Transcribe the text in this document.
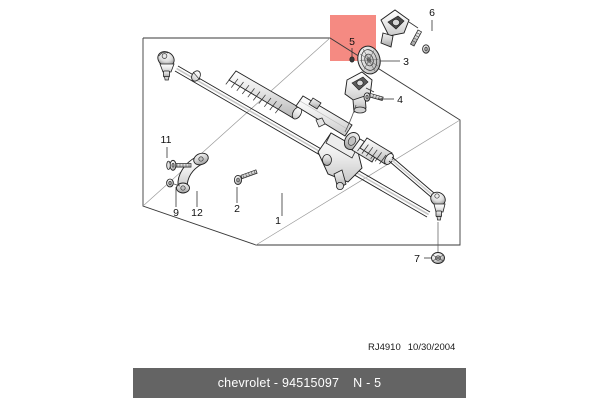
1
2
3
4
5
6
7
9
11
12
RJ4910 10/30/2004
chevrolet - 94515097 N - 5
